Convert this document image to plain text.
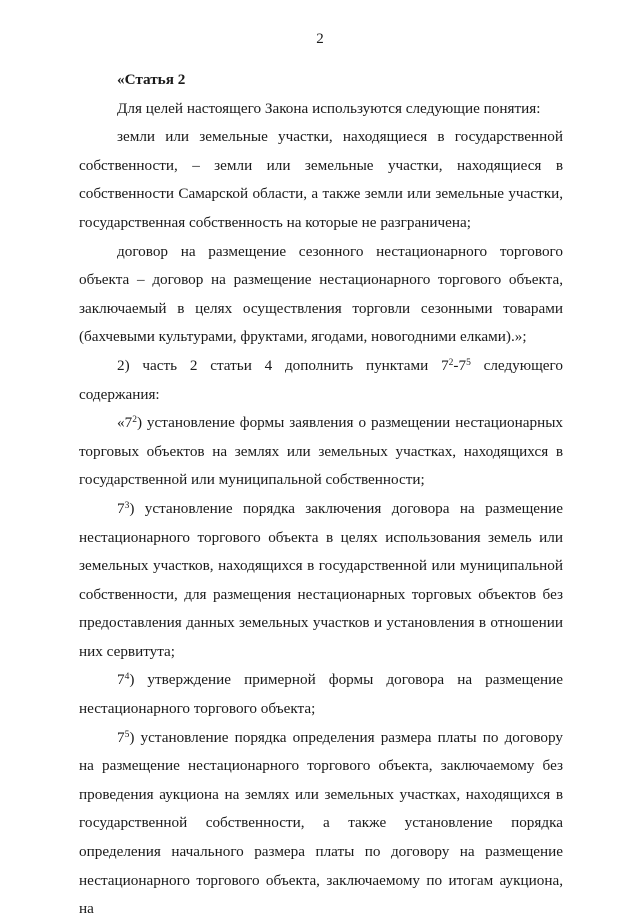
2

«Статья 2

Для целей настоящего Закона используются следующие понятия:

земли или земельные участки, находящиеся в государственной собственности, – земли или земельные участки, находящиеся в собственности Самарской области, а также земли или земельные участки, государственная собственность на которые не разграничена;

договор на размещение сезонного нестационарного торгового объекта – договор на размещение нестационарного торгового объекта, заключаемый в целях осуществления торговли сезонными товарами (бахчевыми культурами, фруктами, ягодами, новогодними елками).»;

2) часть 2 статьи 4 дополнить пунктами $7^2-7^5$ следующего содержания:

«$7^2$) установление формы заявления о размещении нестационарных торговых объектов на землях или земельных участках, находящихся в государственной или муниципальной собственности;

$7^3$) установление порядка заключения договора на размещение нестационарного торгового объекта в целях использования земель или земельных участков, находящихся в государственной или муниципальной собственности, для размещения нестационарных торговых объектов без предоставления данных земельных участков и установления в отношении них сервитута;

$7^4$) утверждение примерной формы договора на размещение нестационарного торгового объекта;

$7^5$) установление порядка определения размера платы по договору на размещение нестационарного торгового объекта, заключаемому без проведения аукциона на землях или земельных участках, находящихся в государственной собственности, а также установление порядка определения начального размера платы по договору на размещение нестационарного торгового объекта, заключаемому по итогам аукциона, на
